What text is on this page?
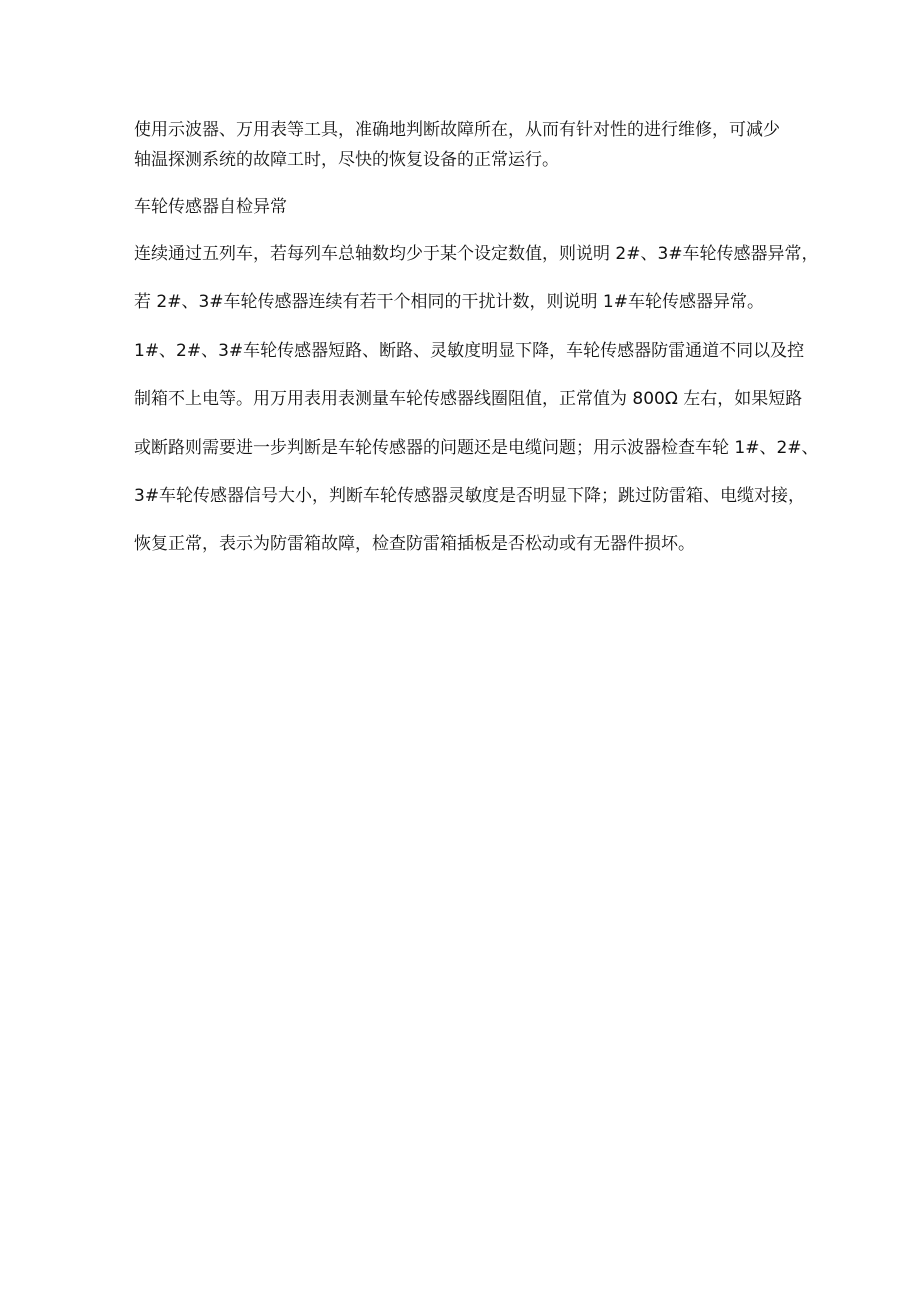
使用示波器、万用表等工具，准确地判断故障所在，从而有针对性的进行维修，可减少
轴温探测系统的故障工时，尽快的恢复设备的正常运行。
车轮传感器自检异常
连续通过五列车，若每列车总轴数均少于某个设定数值，则说明 2#、3#车轮传感器异常，
若 2#、3#车轮传感器连续有若干个相同的干扰计数，则说明 1#车轮传感器异常。
1#、2#、3#车轮传感器短路、断路、灵敏度明显下降，车轮传感器防雷通道不同以及控
制箱不上电等。用万用表用表测量车轮传感器线圈阻值，正常值为 800Ω 左右，如果短路
或断路则需要进一步判断是车轮传感器的问题还是电缆问题；用示波器检查车轮 1#、2#、
3#车轮传感器信号大小，判断车轮传感器灵敏度是否明显下降；跳过防雷箱、电缆对接，
恢复正常，表示为防雷箱故障，检查防雷箱插板是否松动或有无器件损坏。
